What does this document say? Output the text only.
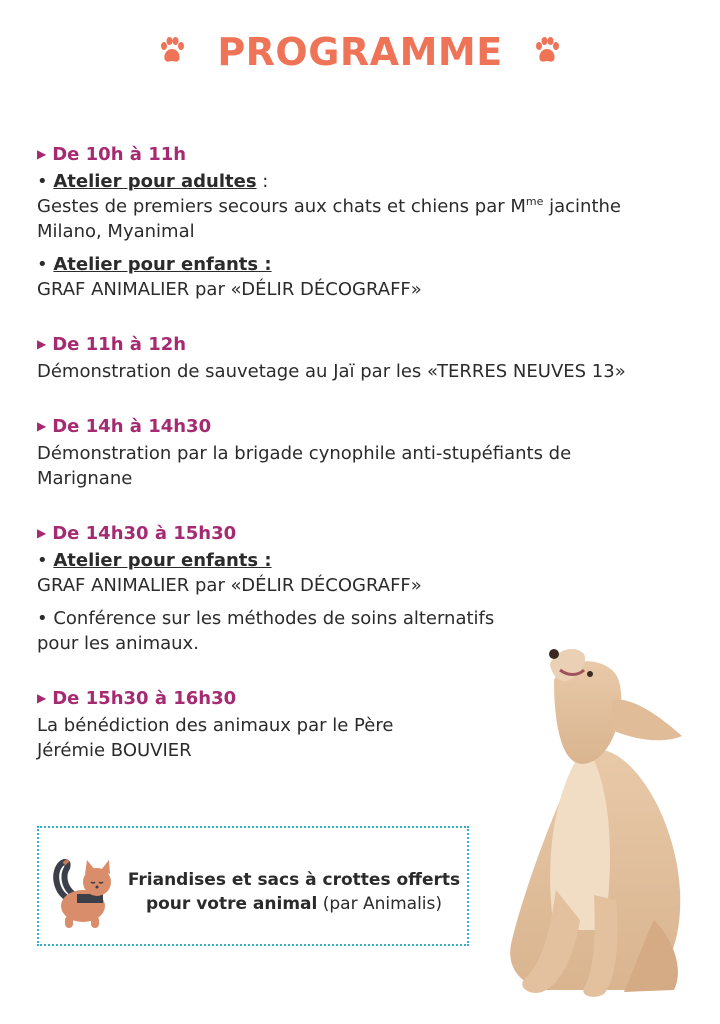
PROGRAMME
▶ De 10h à 11h
• Atelier pour adultes :
Gestes de premiers secours aux chats et chiens par $M^{me}$ jacinthe Milano, Myanimal
• Atelier pour enfants :
GRAF ANIMALIER par «DÉLIR DÉCOGRAFF»
▶ De 11h à 12h
Démonstration de sauvetage au Jaï par les «TERRES NEUVES 13»
▶ De 14h à 14h30
Démonstration par la brigade cynophile anti-stupéfiants de
Marignane
▶ De 14h30 à 15h30
• Atelier pour enfants :
GRAF ANIMALIER par «DÉLIR DÉCOGRAFF»
• Conférence sur les méthodes de soins alternatifs
pour les animaux.
▶ De 15h30 à 16h30
La bénédiction des animaux par le Père
Jérémie BOUVIER
Friandises et sacs à crottes offerts
pour votre animal (par Animalis)
